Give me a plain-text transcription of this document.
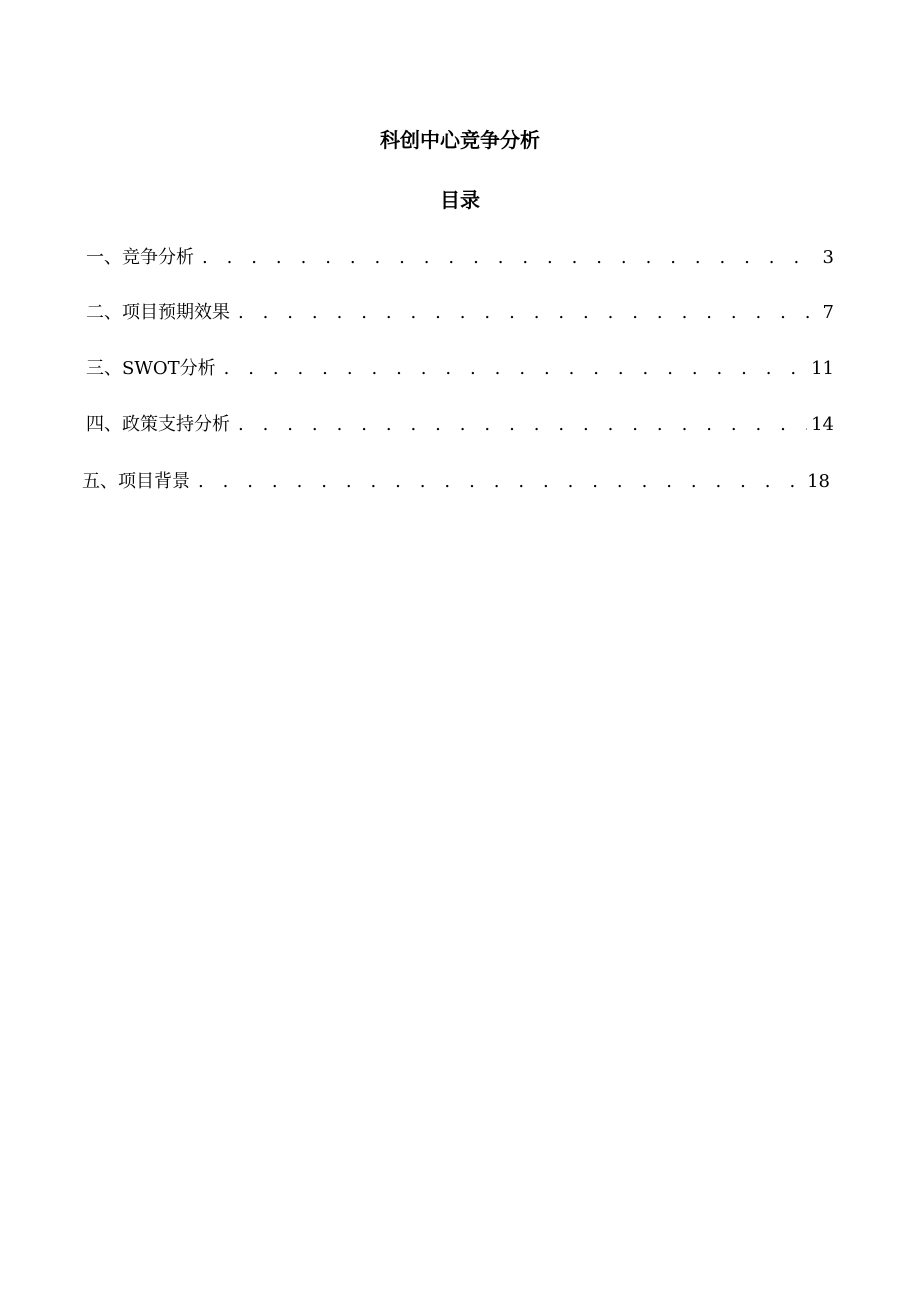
科创中心竞争分析
目录
一、竞争分析 . . .	3
二、项目预期效果 . . .	7
三、SWOT分析 . . .	11
四、政策支持分析 . . .	14
五、项目背景 . . .	18
